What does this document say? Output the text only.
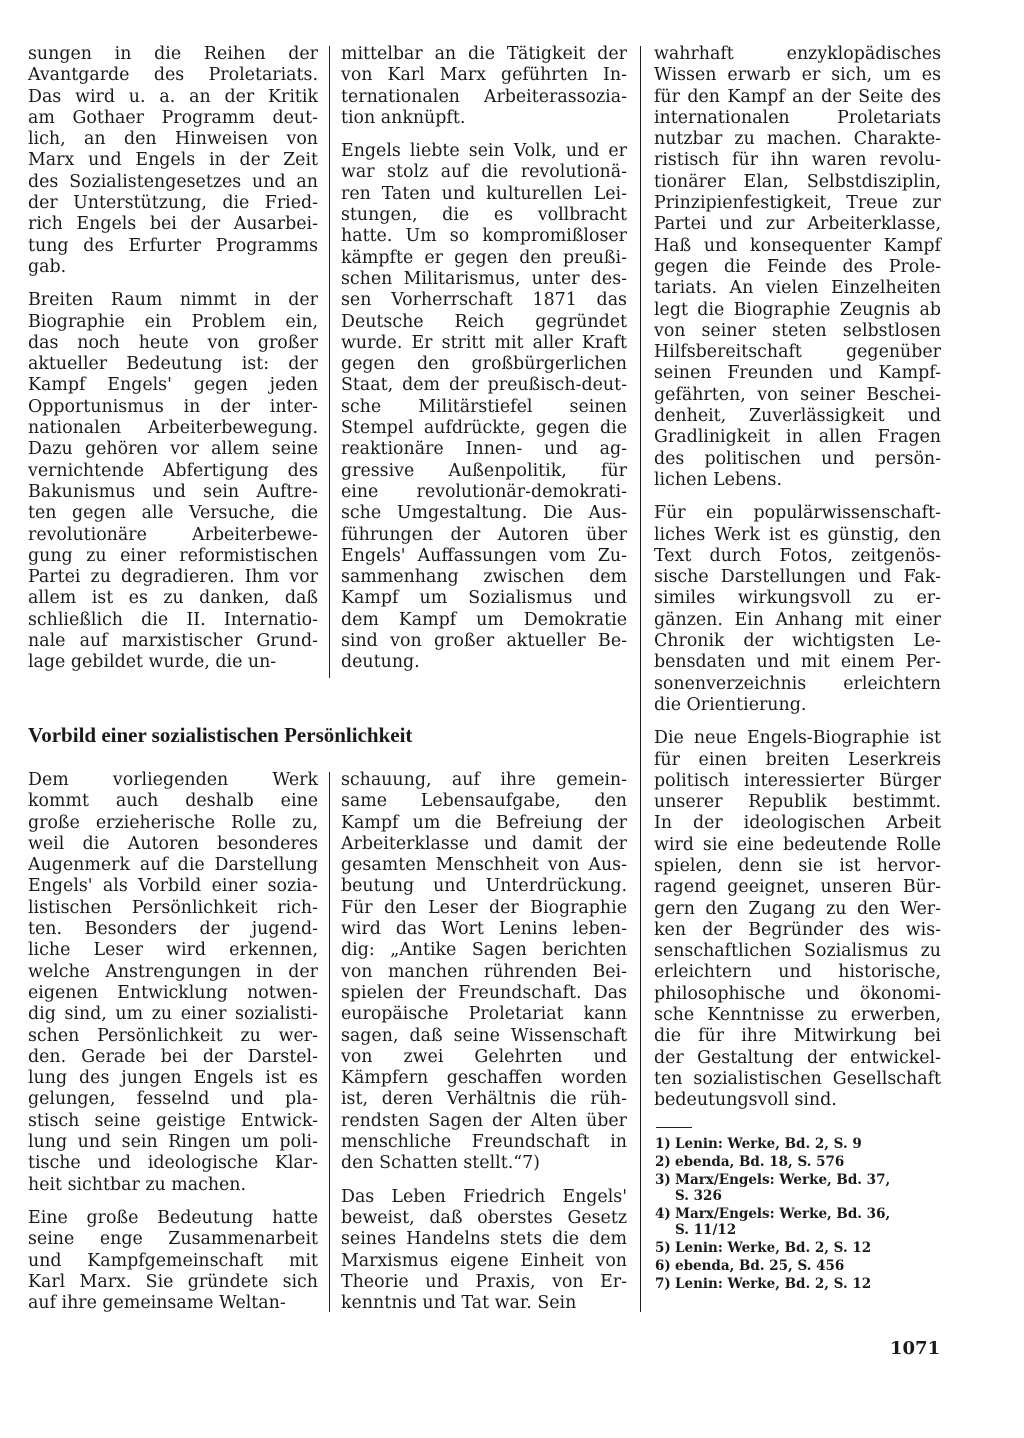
sungen in die Reihen der
Avantgarde des Proletariats.
Das wird u. a. an der Kritik
am Gothaer Programm deut-
lich, an den Hinweisen von
Marx und Engels in der Zeit
des Sozialistengesetzes und an
der Unterstützung, die Fried-
rich Engels bei der Ausarbei-
tung des Erfurter Programms
gab.

Breiten Raum nimmt in der
Biographie ein Problem ein,
das noch heute von großer
aktueller Bedeutung ist: der
Kampf Engels' gegen jeden
Opportunismus in der inter-
nationalen Arbeiterbewegung.
Dazu gehören vor allem seine
vernichtende Abfertigung des
Bakunismus und sein Auftre-
ten gegen alle Versuche, die
revolutionäre Arbeiterbewe-
gung zu einer reformistischen
Partei zu degradieren. Ihm vor
allem ist es zu danken, daß
schließlich die II. Internatio-
nale auf marxistischer Grund-
lage gebildet wurde, die un-

mittelbar an die Tätigkeit der
von Karl Marx geführten In-
ternationalen Arbeiterassozia-
tion anknüpft.

Engels liebte sein Volk, und er
war stolz auf die revolutionä-
ren Taten und kulturellen Lei-
stungen, die es vollbracht
hatte. Um so kompromißloser
kämpfte er gegen den preußi-
schen Militarismus, unter des-
sen Vorherrschaft 1871 das
Deutsche Reich gegründet
wurde. Er stritt mit aller Kraft
gegen den großbürgerlichen
Staat, dem der preußisch-deut-
sche Militärstiefel seinen
Stempel aufdrückte, gegen die
reaktionäre Innen- und ag-
gressive Außenpolitik, für
eine revolutionär-demokrati-
sche Umgestaltung. Die Aus-
führungen der Autoren über
Engels' Auffassungen vom Zu-
sammenhang zwischen dem
Kampf um Sozialismus und
dem Kampf um Demokratie
sind von großer aktueller Be-
deutung.

wahrhaft enzyklopädisches
Wissen erwarb er sich, um es
für den Kampf an der Seite des
internationalen Proletariats
nutzbar zu machen. Charakte-
ristisch für ihn waren revolu-
tionärer Elan, Selbstdisziplin,
Prinzipienfestigkeit, Treue zur
Partei und zur Arbeiterklasse,
Haß und konsequenter Kampf
gegen die Feinde des Prole-
tariats. An vielen Einzelheiten
legt die Biographie Zeugnis ab
von seiner steten selbstlosen
Hilfsbereitschaft gegenüber
seinen Freunden und Kampf-
gefährten, von seiner Beschei-
denheit, Zuverlässigkeit und
Gradlinigkeit in allen Fragen
des politischen und persön-
lichen Lebens.

Für ein populärwissenschaft-
liches Werk ist es günstig, den
Text durch Fotos, zeitgenös-
sische Darstellungen und Fak-
similes wirkungsvoll zu er-
gänzen. Ein Anhang mit einer
Chronik der wichtigsten Le-
bensdaten und mit einem Per-
sonenverzeichnis erleichtern
die Orientierung.

Die neue Engels-Biographie ist
für einen breiten Leserkreis
politisch interessierter Bürger
unserer Republik bestimmt.
In der ideologischen Arbeit
wird sie eine bedeutende Rolle
spielen, denn sie ist hervor-
ragend geeignet, unseren Bür-
gern den Zugang zu den Wer-
ken der Begründer des wis-
senschaftlichen Sozialismus zu
erleichtern und historische,
philosophische und ökonomi-
sche Kenntnisse zu erwerben,
die für ihre Mitwirkung bei
der Gestaltung der entwickel-
ten sozialistischen Gesellschaft
bedeutungsvoll sind.

Vorbild einer sozialistischen Persönlichkeit

Dem vorliegenden Werk
kommt auch deshalb eine
große erzieherische Rolle zu,
weil die Autoren besonderes
Augenmerk auf die Darstellung
Engels' als Vorbild einer sozia-
listischen Persönlichkeit rich-
ten. Besonders der jugend-
liche Leser wird erkennen,
welche Anstrengungen in der
eigenen Entwicklung notwen-
dig sind, um zu einer sozialisti-
schen Persönlichkeit zu wer-
den. Gerade bei der Darstel-
lung des jungen Engels ist es
gelungen, fesselnd und pla-
stisch seine geistige Entwick-
lung und sein Ringen um poli-
tische und ideologische Klar-
heit sichtbar zu machen.

Eine große Bedeutung hatte
seine enge Zusammenarbeit
und Kampfgemeinschaft mit
Karl Marx. Sie gründete sich
auf ihre gemeinsame Weltan-

schauung, auf ihre gemein-
same Lebensaufgabe, den
Kampf um die Befreiung der
Arbeiterklasse und damit der
gesamten Menschheit von Aus-
beutung und Unterdrückung.
Für den Leser der Biographie
wird das Wort Lenins leben-
dig: „Antike Sagen berichten
von manchen rührenden Bei-
spielen der Freundschaft. Das
europäische Proletariat kann
sagen, daß seine Wissenschaft
von zwei Gelehrten und
Kämpfern geschaffen worden
ist, deren Verhältnis die rüh-
rendsten Sagen der Alten über
menschliche Freundschaft in
den Schatten stellt.“7)

Das Leben Friedrich Engels'
beweist, daß oberstes Gesetz
seines Handelns stets die dem
Marxismus eigene Einheit von
Theorie und Praxis, von Er-
kenntnis und Tat war. Sein

1) Lenin: Werke, Bd. 2, S. 9
2) ebenda, Bd. 18, S. 576
3) Marx/Engels: Werke, Bd. 37,
S. 326
4) Marx/Engels: Werke, Bd. 36,
S. 11/12
5) Lenin: Werke, Bd. 2, S. 12
6) ebenda, Bd. 25, S. 456
7) Lenin: Werke, Bd. 2, S. 12

1071
